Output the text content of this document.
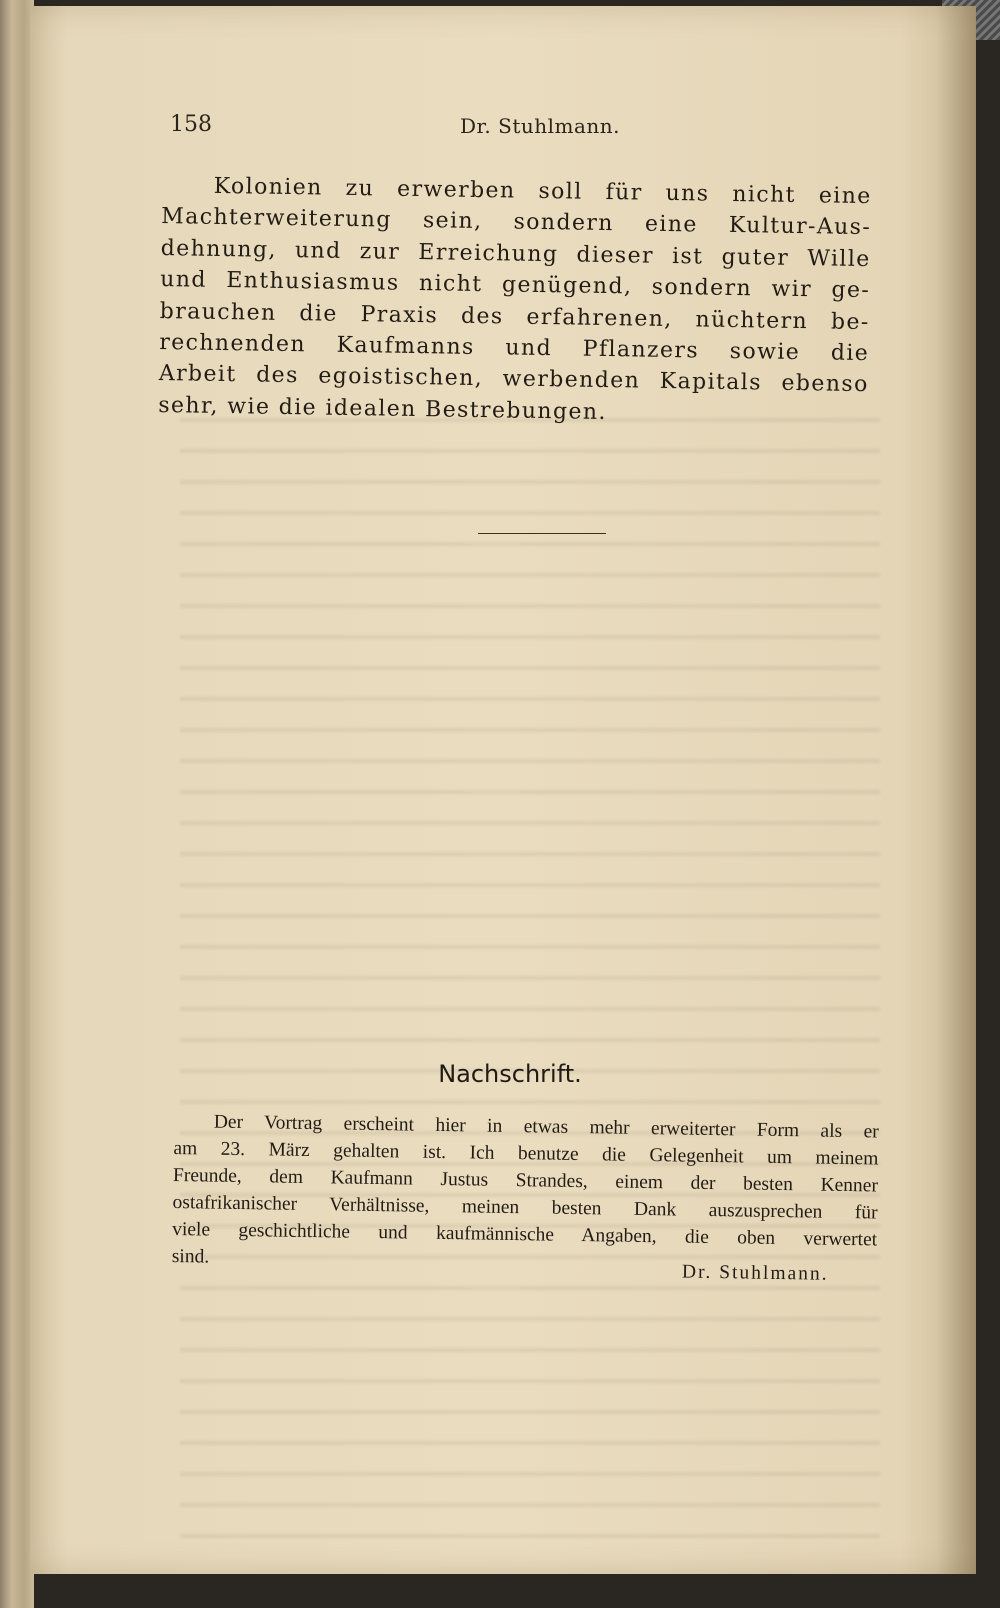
158	Dr. Stuhlmann.
Kolonien zu erwerben soll für uns nicht eine
Machterweiterung sein, sondern eine Kultur-Aus-
dehnung, und zur Erreichung dieser ist guter Wille
und Enthusiasmus nicht genügend, sondern wir ge-
brauchen die Praxis des erfahrenen, nüchtern be-
rechnenden Kaufmanns und Pflanzers sowie die
Arbeit des egoistischen, werbenden Kapitals ebenso
sehr, wie die idealen Bestrebungen.
Nachschrift.
Der Vortrag erscheint hier in etwas mehr erweiterter Form als er
am 23. März gehalten ist. Ich benutze die Gelegenheit um meinem
Freunde, dem Kaufmann Justus Strandes, einem der besten Kenner
ostafrikanischer Verhältnisse, meinen besten Dank auszusprechen für
viele geschichtliche und kaufmännische Angaben, die oben verwertet
sind.
Dr. Stuhlmann.
